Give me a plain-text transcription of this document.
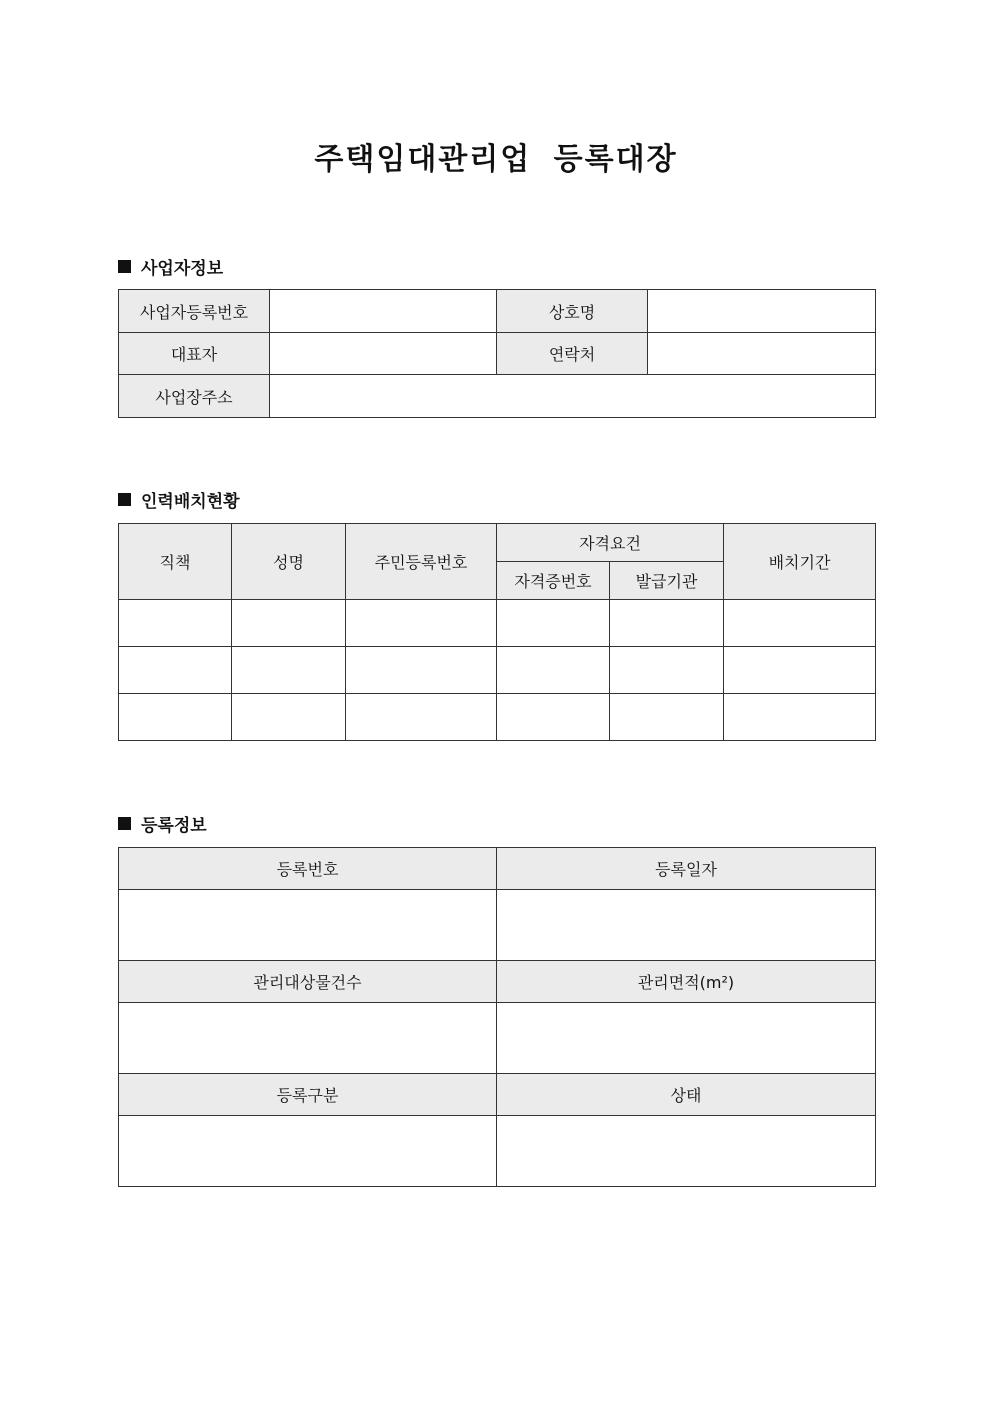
주택임대관리업 등록대장
사업자정보
사업자등록번호		상호명	
대표자		연락처	
사업장주소			
인력배치현황
직책	성명	주민등록번호	자격요건		배치기간
			자격증번호	발급기관	

등록정보
등록번호	등록일자

관리대상물건수	관리면적(m²)

등록구분	상태
